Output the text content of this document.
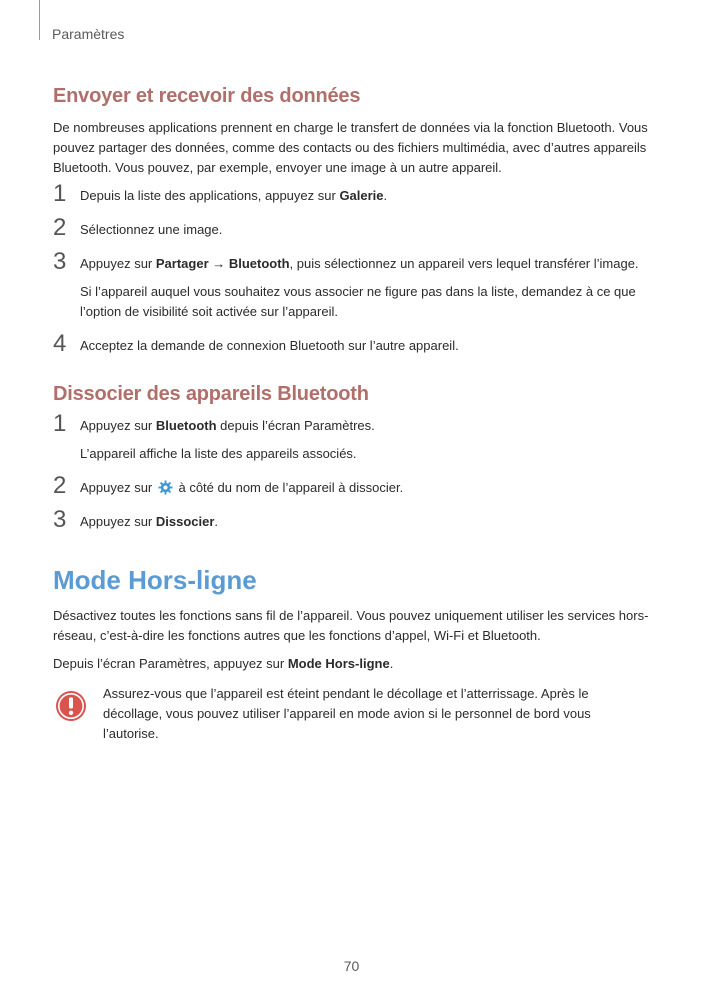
Paramètres
Envoyer et recevoir des données

De nombreuses applications prennent en charge le transfert de données via la fonction Bluetooth. Vous pouvez partager des données, comme des contacts ou des fichiers multimédia, avec d’autres appareils Bluetooth. Vous pouvez, par exemple, envoyer une image à un autre appareil.

1 Depuis la liste des applications, appuyez sur Galerie.
2 Sélectionnez une image.
3 Appuyez sur Partager → Bluetooth, puis sélectionnez un appareil vers lequel transférer l’image.
Si l’appareil auquel vous souhaitez vous associer ne figure pas dans la liste, demandez à ce que l’option de visibilité soit activée sur l’appareil.
4 Acceptez la demande de connexion Bluetooth sur l’autre appareil.
Dissocier des appareils Bluetooth
1 Appuyez sur Bluetooth depuis l’écran Paramètres.
L’appareil affiche la liste des appareils associés.
2 Appuyez sur  à côté du nom de l’appareil à dissocier.
3 Appuyez sur Dissocier.
Mode Hors-ligne

Désactivez toutes les fonctions sans fil de l’appareil. Vous pouvez uniquement utiliser les services hors-réseau, c’est-à-dire les fonctions autres que les fonctions d’appel, Wi-Fi et Bluetooth.

Depuis l’écran Paramètres, appuyez sur Mode Hors-ligne.

Assurez-vous que l’appareil est éteint pendant le décollage et l’atterrissage. Après le décollage, vous pouvez utiliser l’appareil en mode avion si le personnel de bord vous l’autorise.
70
